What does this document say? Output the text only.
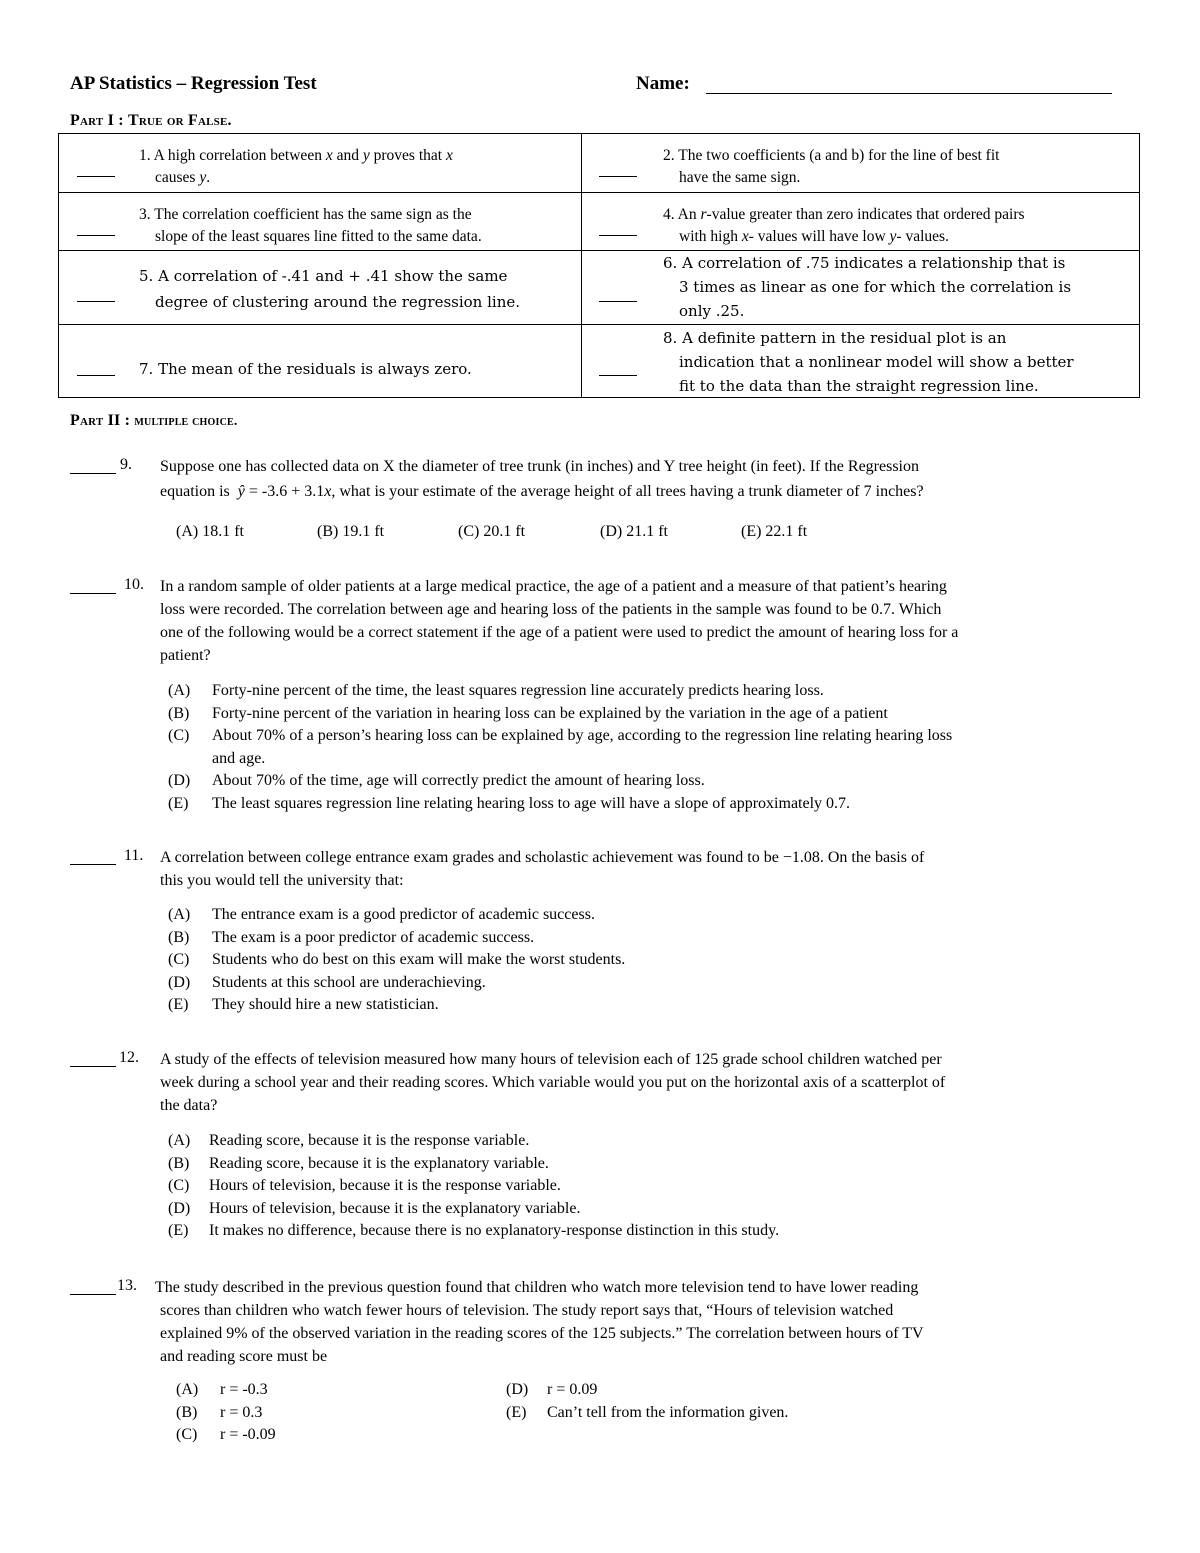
AP Statistics – Regression Test	Name:
Part I : True or False.
1. A high correlation between x and y proves that x
causes y.
2. The two coefficients (a and b) for the line of best fit
have the same sign.
3. The correlation coefficient has the same sign as the
slope of the least squares line fitted to the same data.
4. An r-value greater than zero indicates that ordered pairs
with high x- values will have low y- values.
5. A correlation of -.41 and + .41 show the same
degree of clustering around the regression line.
6. A correlation of .75 indicates a relationship that is
3 times as linear as one for which the correlation is
only .25.
7. The mean of the residuals is always zero.
8. A definite pattern in the residual plot is an
indication that a nonlinear model will show a better
fit to the data than the straight regression line.
Part II : multiple choice.
9. Suppose one has collected data on X the diameter of tree trunk (in inches) and Y tree height (in feet). If the Regression
equation is ŷ = -3.6 + 3.1x, what is your estimate of the average height of all trees having a trunk diameter of 7 inches?
(A) 18.1 ft	(B) 19.1 ft	(C) 20.1 ft	(D) 21.1 ft	(E) 22.1 ft
10. In a random sample of older patients at a large medical practice, the age of a patient and a measure of that patient’s hearing
loss were recorded. The correlation between age and hearing loss of the patients in the sample was found to be 0.7. Which
one of the following would be a correct statement if the age of a patient were used to predict the amount of hearing loss for a
patient?
(A) Forty-nine percent of the time, the least squares regression line accurately predicts hearing loss.
(B) Forty-nine percent of the variation in hearing loss can be explained by the variation in the age of a patient
(C) About 70% of a person’s hearing loss can be explained by age, according to the regression line relating hearing loss
and age.
(D) About 70% of the time, age will correctly predict the amount of hearing loss.
(E) The least squares regression line relating hearing loss to age will have a slope of approximately 0.7.
11. A correlation between college entrance exam grades and scholastic achievement was found to be −1.08. On the basis of
this you would tell the university that:
(A) The entrance exam is a good predictor of academic success.
(B) The exam is a poor predictor of academic success.
(C) Students who do best on this exam will make the worst students.
(D) Students at this school are underachieving.
(E) They should hire a new statistician.
12. A study of the effects of television measured how many hours of television each of 125 grade school children watched per
week during a school year and their reading scores. Which variable would you put on the horizontal axis of a scatterplot of
the data?
(A) Reading score, because it is the response variable.
(B) Reading score, because it is the explanatory variable.
(C) Hours of television, because it is the response variable.
(D) Hours of television, because it is the explanatory variable.
(E) It makes no difference, because there is no explanatory-response distinction in this study.
13. The study described in the previous question found that children who watch more television tend to have lower reading
scores than children who watch fewer hours of television. The study report says that, “Hours of television watched
explained 9% of the observed variation in the reading scores of the 125 subjects.” The correlation between hours of TV
and reading score must be
(A) r = -0.3
(B) r = 0.3
(C) r = -0.09
(D) r = 0.09
(E) Can’t tell from the information given.
